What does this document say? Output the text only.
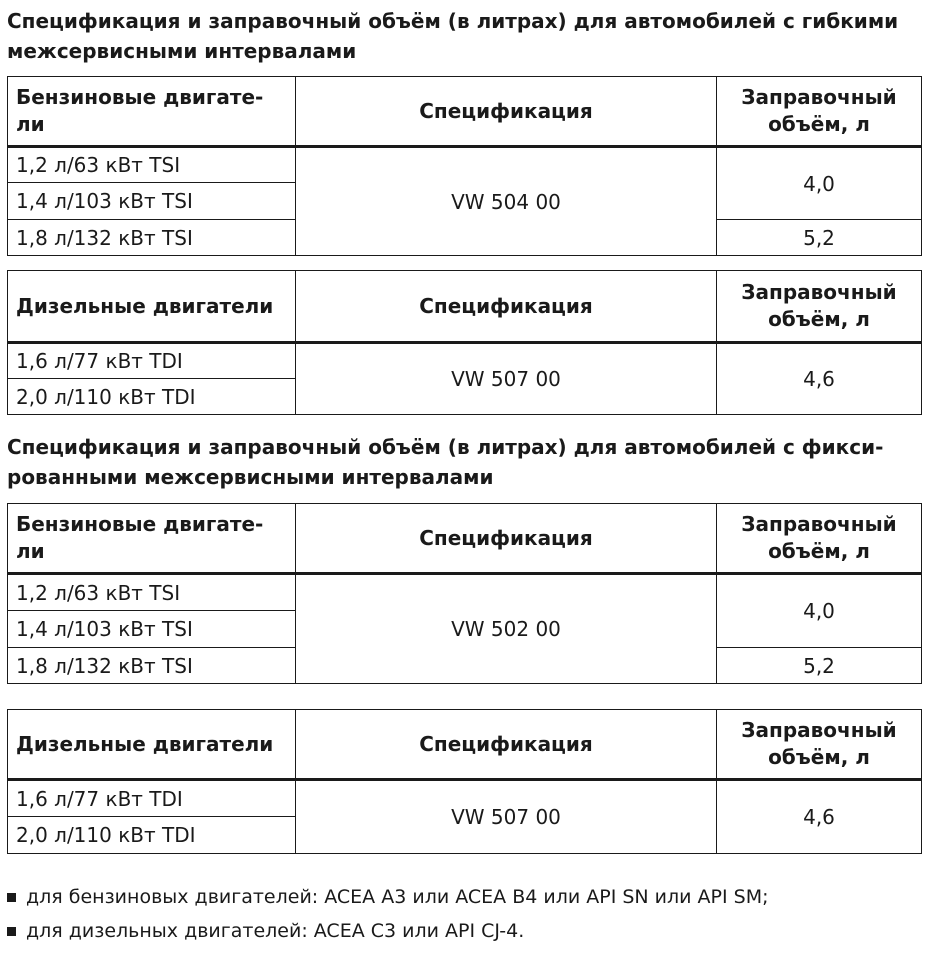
Спецификация и заправочный объём (в литрах) для автомобилей с гибкими межсервисными интервалами
Бензиновые двигате-ли	Спецификация	Заправочный объём, л
1,2 л/63 кВт TSI	VW 504 00	4,0
1,4 л/103 кВт TSI		
1,8 л/132 кВт TSI		5,2
Дизельные двигатели	Спецификация	Заправочный объём, л
1,6 л/77 кВт TDI	VW 507 00	4,6
2,0 л/110 кВт TDI		
Спецификация и заправочный объём (в литрах) для автомобилей с фикси-рованными межсервисными интервалами
Бензиновые двигате-ли	Спецификация	Заправочный объём, л
1,2 л/63 кВт TSI	VW 502 00	4,0
1,4 л/103 кВт TSI		
1,8 л/132 кВт TSI		5,2
Дизельные двигатели	Спецификация	Заправочный объём, л
1,6 л/77 кВт TDI	VW 507 00	4,6
2,0 л/110 кВт TDI		
для бензиновых двигателей: ACEA A3 или ACEA B4 или API SN или API SM;
для дизельных двигателей: ACEA C3 или API CJ-4.
